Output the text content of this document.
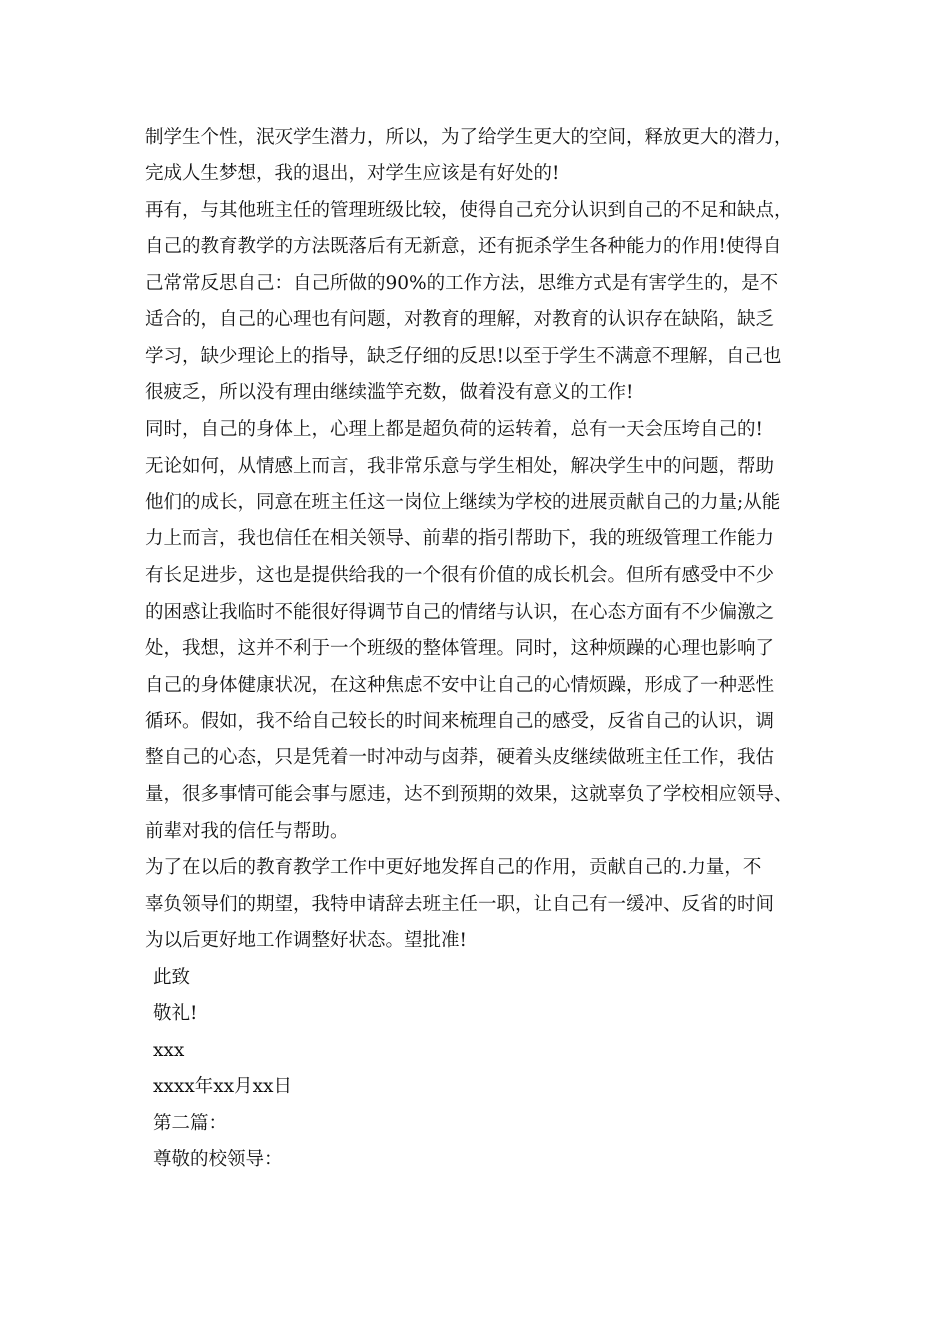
制学生个性，泯灭学生潜力，所以，为了给学生更大的空间，释放更大的潜力，
完成人生梦想，我的退出，对学生应该是有好处的!
再有，与其他班主任的管理班级比较，使得自己充分认识到自己的不足和缺点，
自己的教育教学的方法既落后有无新意，还有扼杀学生各种能力的作用!使得自
己常常反思自己：自己所做的90%的工作方法，思维方式是有害学生的，是不
适合的，自己的心理也有问题，对教育的理解，对教育的认识存在缺陷，缺乏
学习，缺少理论上的指导，缺乏仔细的反思!以至于学生不满意不理解，自己也
很疲乏，所以没有理由继续滥竽充数，做着没有意义的工作!
同时，自己的身体上，心理上都是超负荷的运转着，总有一天会压垮自己的!
无论如何，从情感上而言，我非常乐意与学生相处，解决学生中的问题，帮助
他们的成长，同意在班主任这一岗位上继续为学校的进展贡献自己的力量;从能
力上而言，我也信任在相关领导、前辈的指引帮助下，我的班级管理工作能力
有长足进步，这也是提供给我的一个很有价值的成长机会。但所有感受中不少
的困惑让我临时不能很好得调节自己的情绪与认识，在心态方面有不少偏激之
处，我想，这并不利于一个班级的整体管理。同时，这种烦躁的心理也影响了
自己的身体健康状况，在这种焦虑不安中让自己的心情烦躁，形成了一种恶性
循环。假如，我不给自己较长的时间来梳理自己的感受，反省自己的认识，调
整自己的心态，只是凭着一时冲动与卤莽，硬着头皮继续做班主任工作，我估
量，很多事情可能会事与愿违，达不到预期的效果，这就辜负了学校相应领导、
前辈对我的信任与帮助。
为了在以后的教育教学工作中更好地发挥自己的作用，贡献自己的.力量，不
辜负领导们的期望，我特申请辞去班主任一职，让自己有一缓冲、反省的时间
为以后更好地工作调整好状态。望批准!
此致
敬礼!
xxx
xxxx年xx月xx日
第二篇：
尊敬的校领导：
